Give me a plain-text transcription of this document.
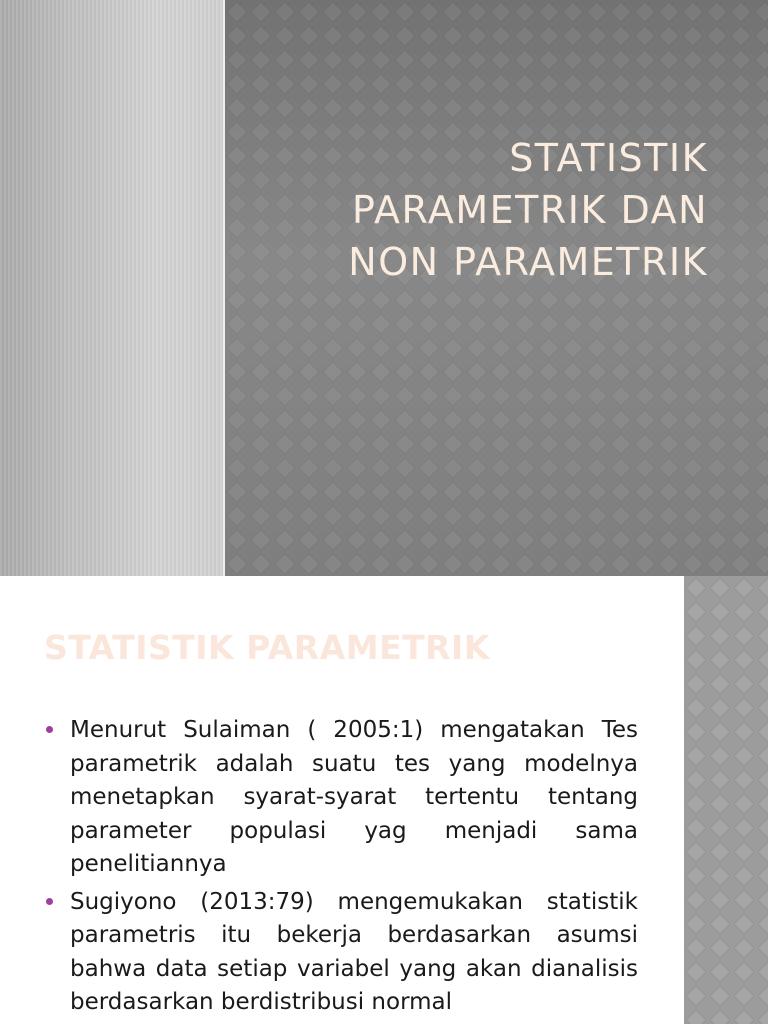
STATISTIK
PARAMETRIK DAN
NON PARAMETRIK
STATISTIK PARAMETRIK
Menurut Sulaiman ( 2005:1) mengatakan Tes parametrik adalah suatu tes yang modelnya menetapkan syarat-syarat tertentu tentang parameter populasi yag menjadi sama penelitiannya
Sugiyono (2013:79) mengemukakan statistik parametris itu bekerja berdasarkan asumsi bahwa data setiap variabel yang akan dianalisis berdasarkan berdistribusi normal
